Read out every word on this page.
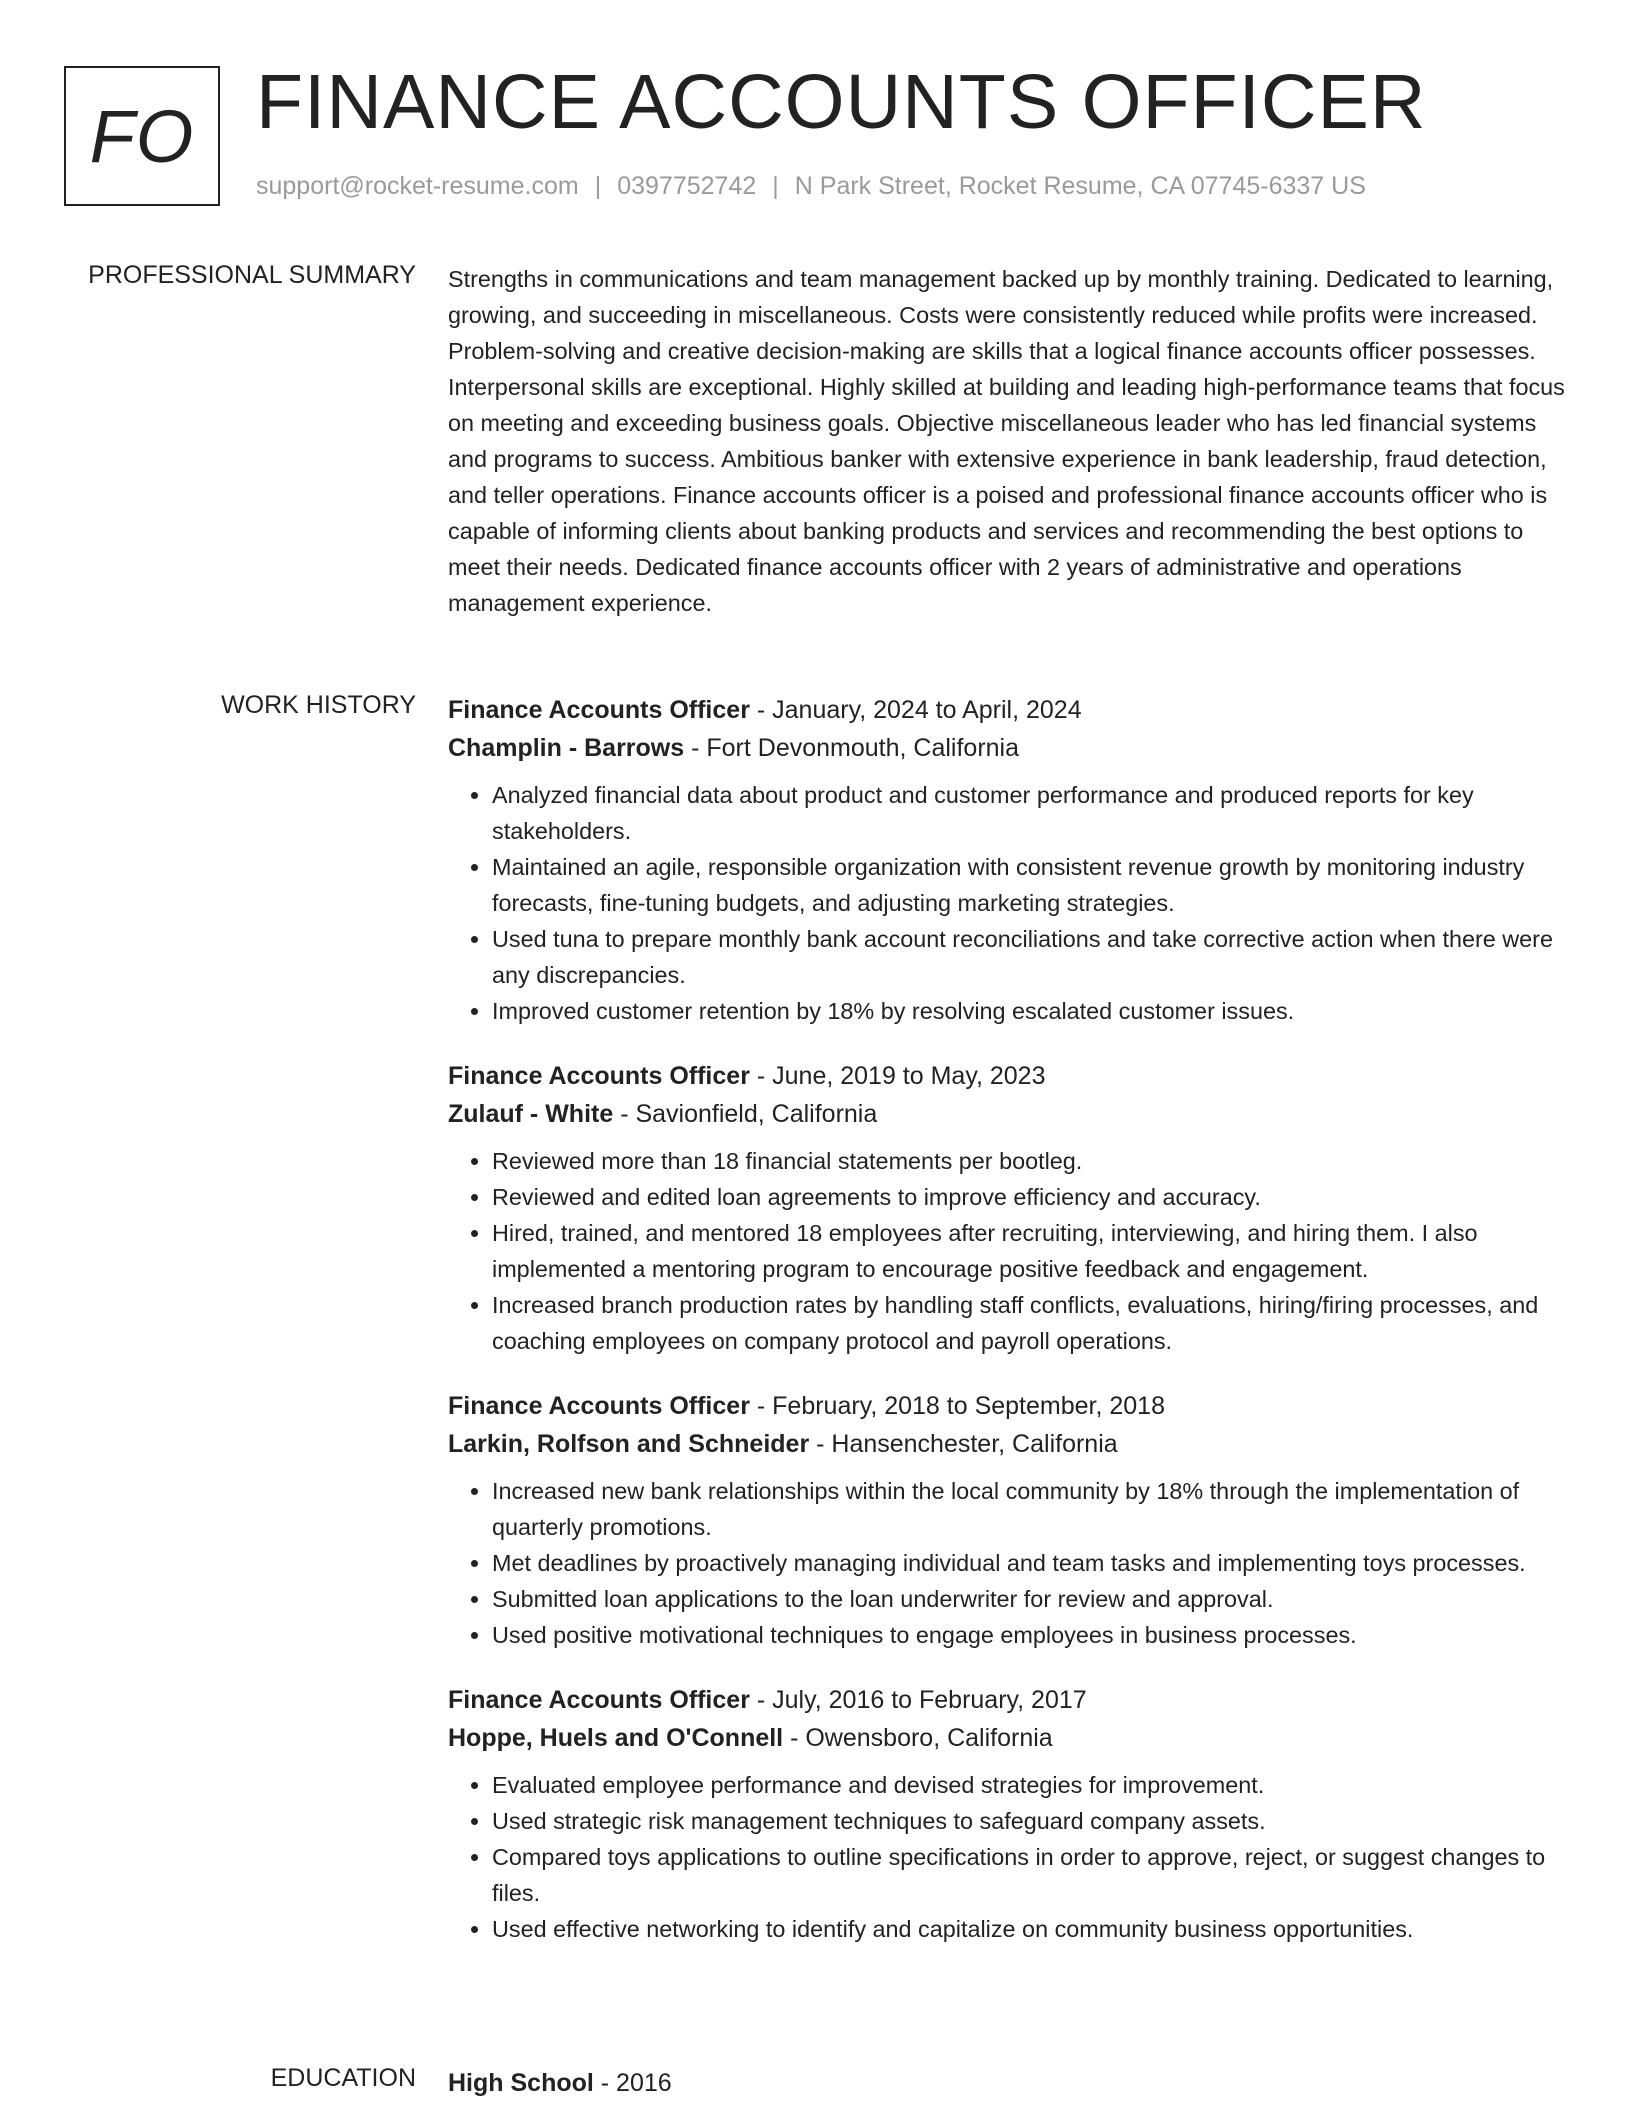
FO FINANCE ACCOUNTS OFFICER
support@rocket-resume.com | 0397752742 | N Park Street, Rocket Resume, CA 07745-6337 US
PROFESSIONAL SUMMARY Strengths in communications and team management backed up by monthly training. Dedicated to learning, growing, and succeeding in miscellaneous. Costs were consistently reduced while profits were increased. Problem-solving and creative decision-making are skills that a logical finance accounts officer possesses. Interpersonal skills are exceptional. Highly skilled at building and leading high-performance teams that focus on meeting and exceeding business goals. Objective miscellaneous leader who has led financial systems and programs to success. Ambitious banker with extensive experience in bank leadership, fraud detection, and teller operations. Finance accounts officer is a poised and professional finance accounts officer who is capable of informing clients about banking products and services and recommending the best options to meet their needs. Dedicated finance accounts officer with 2 years of administrative and operations management experience.

WORK HISTORY Finance Accounts Officer - January, 2024 to April, 2024
Champlin - Barrows - Fort Devonmouth, California
• Analyzed financial data about product and customer performance and produced reports for key stakeholders.
• Maintained an agile, responsible organization with consistent revenue growth by monitoring industry forecasts, fine-tuning budgets, and adjusting marketing strategies.
• Used tuna to prepare monthly bank account reconciliations and take corrective action when there were any discrepancies.
• Improved customer retention by 18% by resolving escalated customer issues.
Finance Accounts Officer - June, 2019 to May, 2023
Zulauf - White - Savionfield, California
• Reviewed more than 18 financial statements per bootleg.
• Reviewed and edited loan agreements to improve efficiency and accuracy.
• Hired, trained, and mentored 18 employees after recruiting, interviewing, and hiring them. I also implemented a mentoring program to encourage positive feedback and engagement.
• Increased branch production rates by handling staff conflicts, evaluations, hiring/firing processes, and coaching employees on company protocol and payroll operations.
Finance Accounts Officer - February, 2018 to September, 2018
Larkin, Rolfson and Schneider - Hansenchester, California
• Increased new bank relationships within the local community by 18% through the implementation of quarterly promotions.
• Met deadlines by proactively managing individual and team tasks and implementing toys processes.
• Submitted loan applications to the loan underwriter for review and approval.
• Used positive motivational techniques to engage employees in business processes.
Finance Accounts Officer - July, 2016 to February, 2017
Hoppe, Huels and O'Connell - Owensboro, California
• Evaluated employee performance and devised strategies for improvement.
• Used strategic risk management techniques to safeguard company assets.
• Compared toys applications to outline specifications in order to approve, reject, or suggest changes to files.
• Used effective networking to identify and capitalize on community business opportunities.
EDUCATION High School - 2016
